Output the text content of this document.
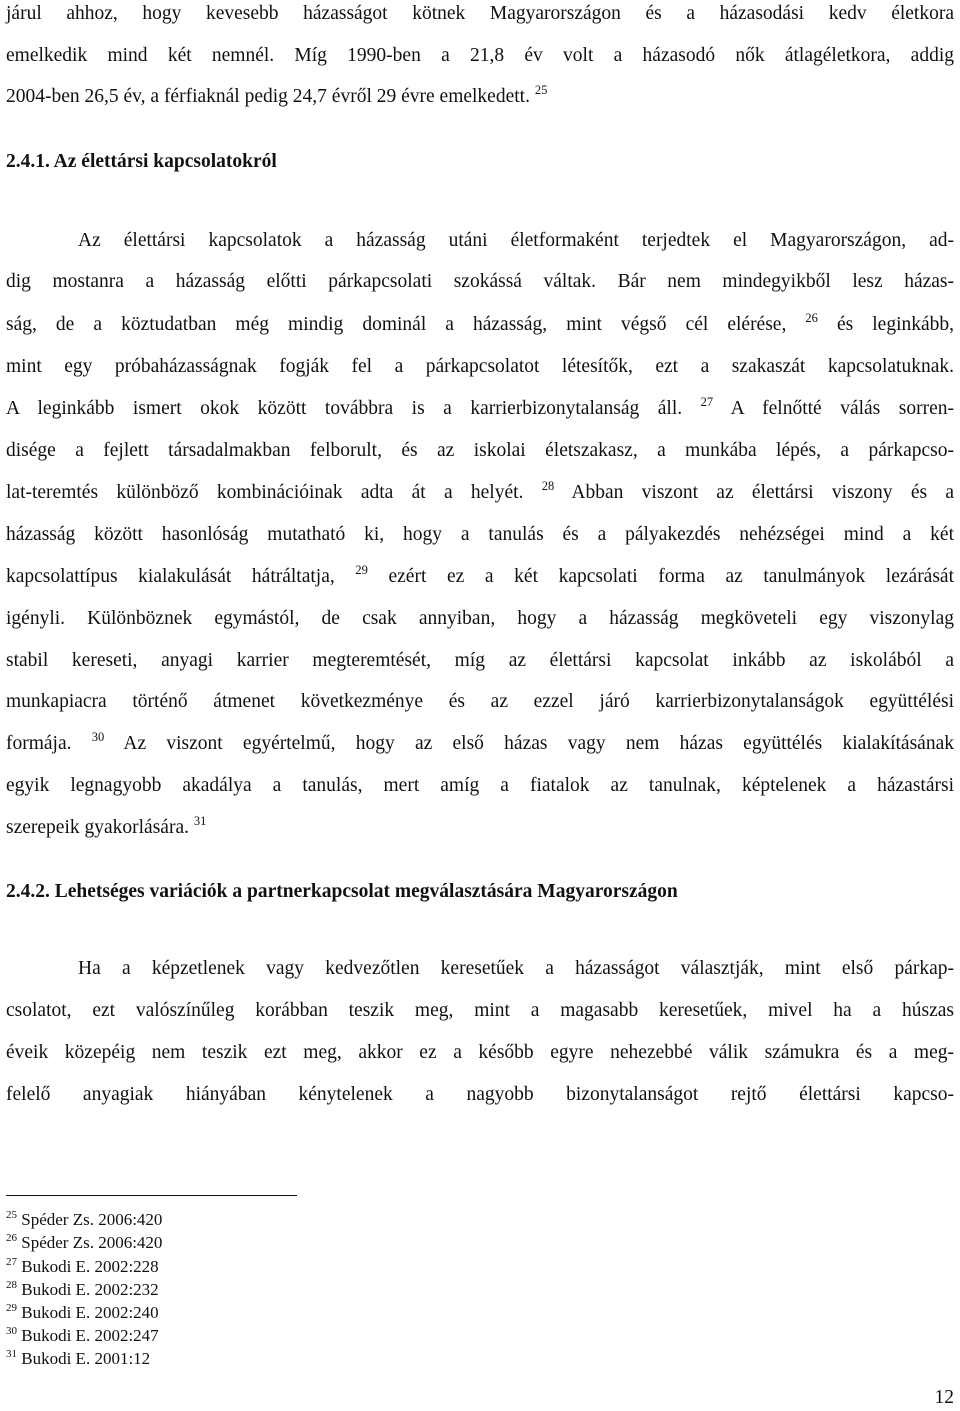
járul ahhoz, hogy kevesebb házasságot kötnek Magyarországon és a házasodási kedv életkora
emelkedik mind két nemnél. Míg 1990-ben a 21,8 év volt a házasodó nők átlagéletkora, addig
2004-ben 26,5 év, a férfiaknál pedig 24,7 évről 29 évre emelkedett. $^{25}$
2.4.1. Az élettársi kapcsolatokról
Az élettársi kapcsolatok a házasság utáni életformaként terjedtek el Magyarországon, ad-
dig mostanra a házasság előtti párkapcsolati szokássá váltak. Bár nem mindegyikből lesz házas-
ság, de a köztudatban még mindig dominál a házasság, mint végső cél elérése, $^{26}$ és leginkább,
mint egy próbaházasságnak fogják fel a párkapcsolatot létesítők, ezt a szakaszát kapcsolatuknak.
A leginkább ismert okok között továbbra is a karrierbizonytalanság áll. $^{27}$ A felnőtté válás sorren-
disége a fejlett társadalmakban felborult, és az iskolai életszakasz, a munkába lépés, a párkapcso-
lat-teremtés különböző kombinációinak adta át a helyét. $^{28}$ Abban viszont az élettársi viszony és a
házasság között hasonlóság mutatható ki, hogy a tanulás és a pályakezdés nehézségei mind a két
kapcsolattípus kialakulását hátráltatja, $^{29}$ ezért ez a két kapcsolati forma az tanulmányok lezárását
igényli. Különböznek egymástól, de csak annyiban, hogy a házasság megköveteli egy viszonylag
stabil kereseti, anyagi karrier megteremtését, míg az élettársi kapcsolat inkább az iskolából a
munkapiacra történő átmenet következménye és az ezzel járó karrierbizonytalanságok együttélési
formája. $^{30}$ Az viszont egyértelmű, hogy az első házas vagy nem házas együttélés kialakításának
egyik legnagyobb akadálya a tanulás, mert amíg a fiatalok az tanulnak, képtelenek a házastársi
szerepeik gyakorlására. $^{31}$
2.4.2. Lehetséges variációk a partnerkapcsolat megválasztására Magyarországon
Ha a képzetlenek vagy kedvezőtlen keresetűek a házasságot választják, mint első párkap-
csolatot, ezt valószínűleg korábban teszik meg, mint a magasabb keresetűek, mivel ha a húszas
éveik közepéig nem teszik ezt meg, akkor ez a később egyre nehezebbé válik számukra és a meg-
felelő anyagiak hiányában kénytelenek a nagyobb bizonytalanságot rejtő élettársi kapcso-
$^{25}$ Spéder Zs. 2006:420
$^{26}$ Spéder Zs. 2006:420
$^{27}$ Bukodi E. 2002:228
$^{28}$ Bukodi E. 2002:232
$^{29}$ Bukodi E. 2002:240
$^{30}$ Bukodi E. 2002:247
$^{31}$ Bukodi E. 2001:12
12
